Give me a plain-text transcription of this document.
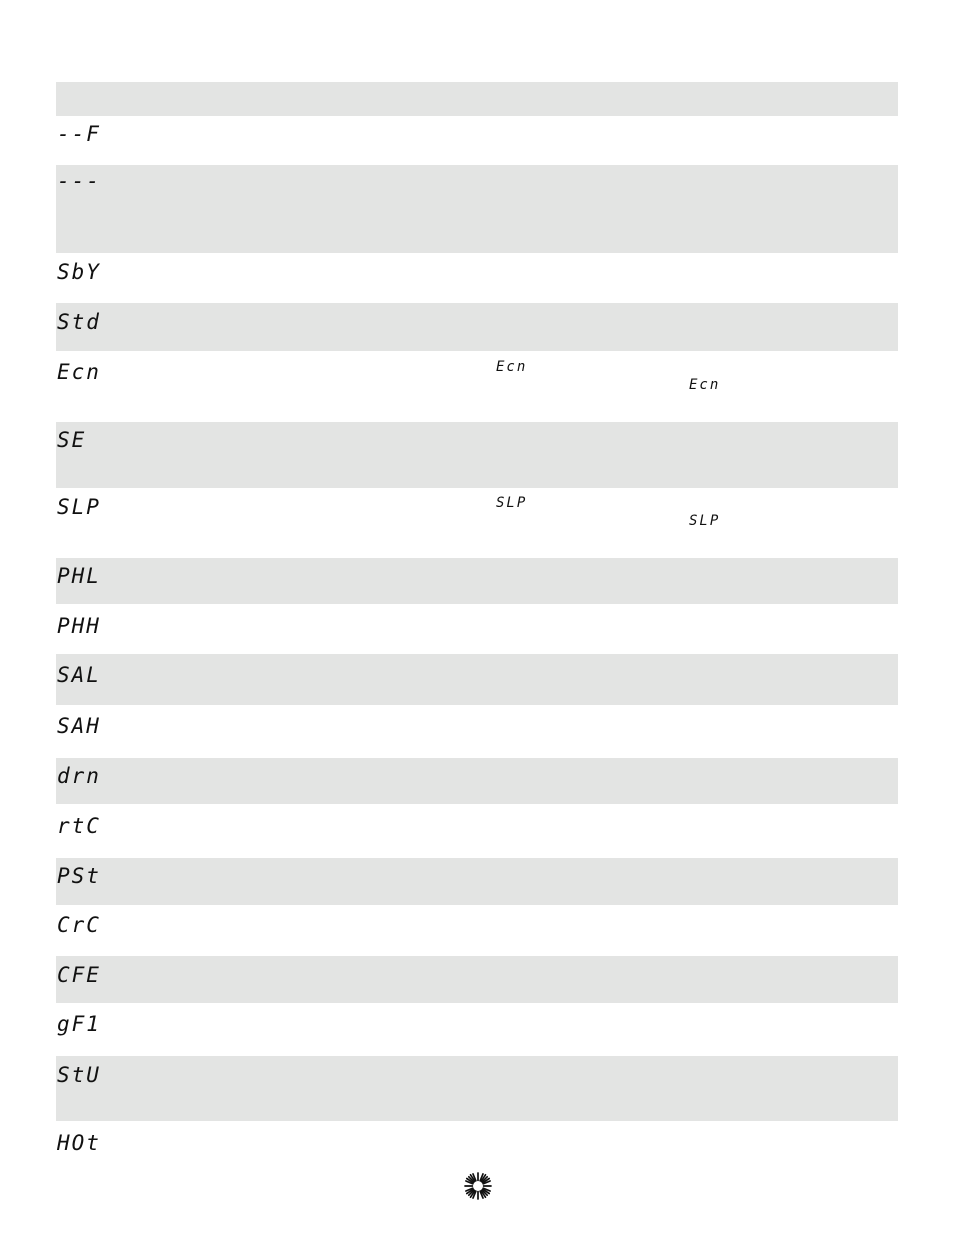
--F
---
SbY
Std
Ecn	Ecn
Ecn
SE
SLP	SLP
SLP
PHL
PHH
SAL
SAH
drn
rtC
PSt
CrC
CFE
gF1
StU
HOt
